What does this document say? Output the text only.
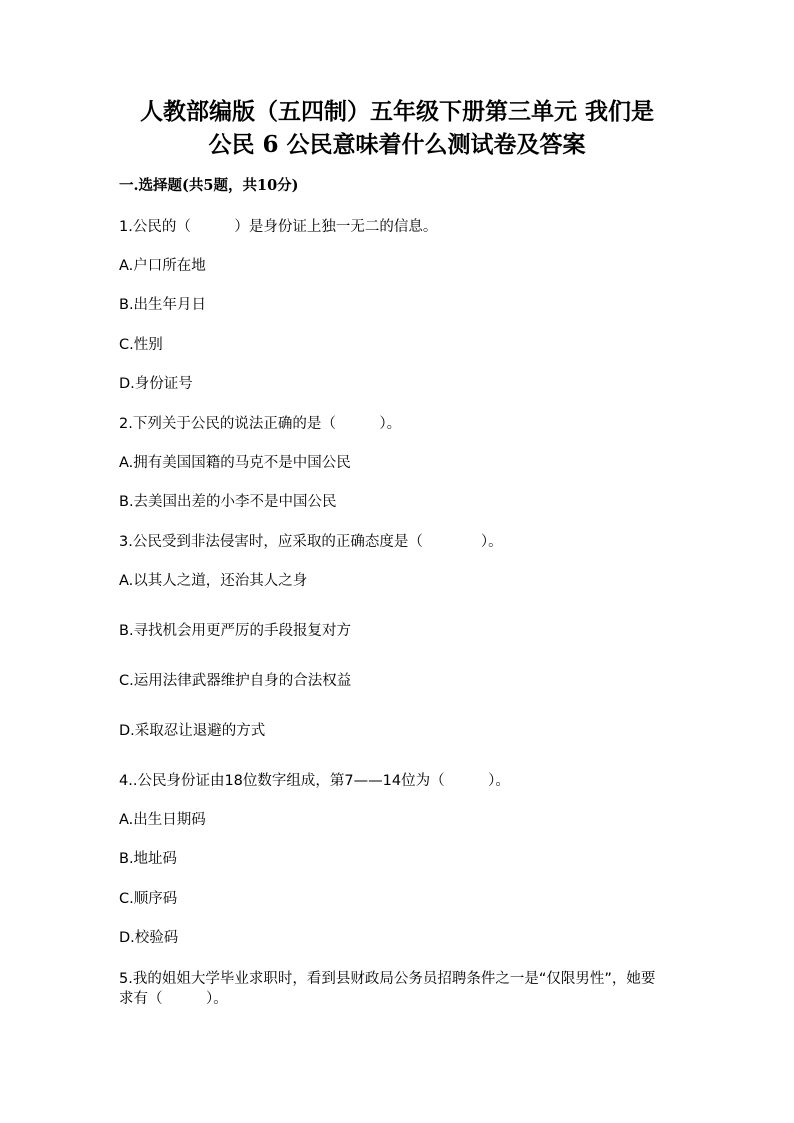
人教部编版（五四制）五年级下册第三单元 我们是
公民 6 公民意味着什么测试卷及答案
一.选择题(共5题，共10分)
1.公民的（　　　）是身份证上独一无二的信息。
A.户口所在地
B.出生年月日
C.性别
D.身份证号
2.下列关于公民的说法正确的是（　　　）。
A.拥有美国国籍的马克不是中国公民
B.去美国出差的小李不是中国公民
3.公民受到非法侵害时，应采取的正确态度是（　　　　）。
A.以其人之道，还治其人之身
B.寻找机会用更严厉的手段报复对方
C.运用法律武器维护自身的合法权益
D.采取忍让退避的方式
4..公民身份证由18位数字组成，第7——14位为（　　　）。
A.出生日期码
B.地址码
C.顺序码
D.校验码
5.我的姐姐大学毕业求职时，看到县财政局公务员招聘条件之一是“仅限男性”，她要求有（　　　）。
